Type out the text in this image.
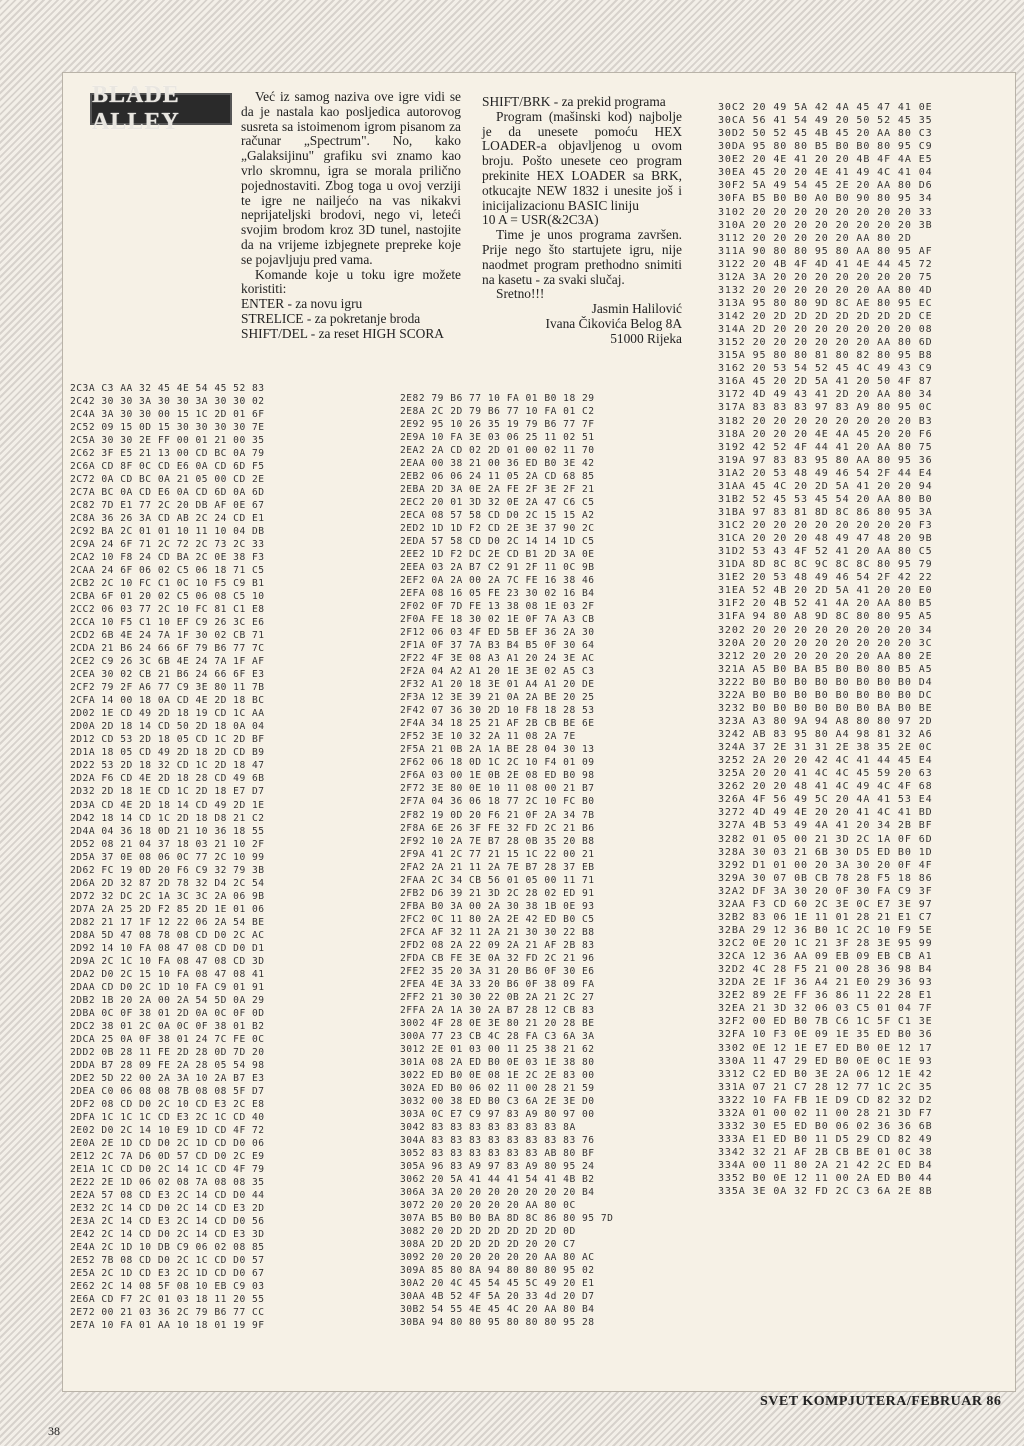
BLADE ALLEY

Već iz samog naziva ove igre vidi se da je nastala kao posljedica autorovog susreta sa istoimenom igrom pisanom za računar „Spectrum". No, kako „Galaksijinu" grafiku svi znamo kao vrlo skromnu, igra se morala prilično pojednostaviti. Zbog toga u ovoj verziji te igre ne nailjećo na vas nikakvi neprijateljski brodovi, nego vi, leteći svojim brodom kroz 3D tunel, nastojite da na vrijeme izbjegnete prepreke koje se pojavljuju pred vama.

Komande koje u toku igre možete koristiti:

ENTER - za novu igru

STRELICE - za pokretanje broda

SHIFT/DEL - za reset HIGH SCORA

SHIFT/BRK - za prekid programa

Program (mašinski kod) najbolje je da unesete pomoću HEX LOADER-a objavljenog u ovom broju. Pošto unesete ceo program prekinite HEX LOADER sa BRK, otkucajte NEW 1832 i unesite još i inicijalizacionu BASIC liniju

10 A = USR(&2C3A)

Time je unos programa završen. Prije nego što startujete igru, nije naodmet program prethodno snimiti na kasetu - za svaki slučaj.

Sretno!!!

Jasmin Halilović

Ivana Čikovića Belog 8A

51000 Rijeka

2C3A C3 AA 32 45 4E 54 45 52 83
2C42 30 30 3A 30 30 3A 30 30 02
2C4A 3A 30 30 00 15 1C 2D 01 6F
2C52 09 15 0D 15 30 30 30 30 7E
2C5A 30 30 2E FF 00 01 21 00 35
2C62 3F E5 21 13 00 CD BC 0A 79
2C6A CD 8F 0C CD E6 0A CD 6D F5
2C72 0A CD BC 0A 21 05 00 CD 2E
2C7A BC 0A CD E6 0A CD 6D 0A 6D
2C82 7D E1 77 2C 20 DB AF 0E 67
2C8A 36 26 3A CD AB 2C 24 CD E1
2C92 BA 2C 01 01 10 11 10 04 DB
2C9A 24 6F 71 2C 72 2C 73 2C 33
2CA2 10 F8 24 CD BA 2C 0E 38 F3
2CAA 24 6F 06 02 C5 06 18 71 C5
2CB2 2C 10 FC C1 0C 10 F5 C9 B1
2CBA 6F 01 20 02 C5 06 08 C5 10
2CC2 06 03 77 2C 10 FC 81 C1 E8
2CCA 10 F5 C1 10 EF C9 26 3C E6
2CD2 6B 4E 24 7A 1F 30 02 CB 71
2CDA 21 B6 24 66 6F 79 B6 77 7C
2CE2 C9 26 3C 6B 4E 24 7A 1F AF
2CEA 30 02 CB 21 B6 24 66 6F E3
2CF2 79 2F A6 77 C9 3E 80 11 7B
2CFA 14 00 18 0A CD 4E 2D 18 BC
2D02 1E CD 49 2D 18 19 CD 1C AA
2D0A 2D 18 14 CD 50 2D 18 0A 04
2D12 CD 53 2D 18 05 CD 1C 2D BF
2D1A 18 05 CD 49 2D 18 2D CD B9
2D22 53 2D 18 32 CD 1C 2D 18 47
2D2A F6 CD 4E 2D 18 28 CD 49 6B
2D32 2D 18 1E CD 1C 2D 18 E7 D7
2D3A CD 4E 2D 18 14 CD 49 2D 1E
2D42 18 14 CD 1C 2D 18 D8 21 C2
2D4A 04 36 18 0D 21 10 36 18 55
2D52 08 21 04 37 18 03 21 10 2F
2D5A 37 0E 08 06 0C 77 2C 10 99
2D62 FC 19 0D 20 F6 C9 32 79 3B
2D6A 2D 32 87 2D 78 32 D4 2C 54
2D72 32 DC 2C 1A 3C 3C 2A 06 9B
2D7A 2A 25 2D F2 85 2D 1E 01 06
2D82 21 17 1F 12 22 06 2A 54 BE
2D8A 5D 47 08 78 08 CD D0 2C AC
2D92 14 10 FA 08 47 08 CD D0 D1
2D9A 2C 1C 10 FA 08 47 08 CD 3D
2DA2 D0 2C 15 10 FA 08 47 08 41
2DAA CD D0 2C 1D 10 FA C9 01 91
2DB2 1B 20 2A 00 2A 54 5D 0A 29
2DBA 0C 0F 38 01 2D 0A 0C 0F 0D
2DC2 38 01 2C 0A 0C 0F 38 01 B2
2DCA 25 0A 0F 38 01 24 7C FE 0C
2DD2 0B 28 11 FE 2D 28 0D 7D 20
2DDA B7 28 09 FE 2A 28 05 54 98
2DE2 5D 22 00 2A 3A 10 2A B7 E3
2DEA C0 06 08 08 7B 08 08 5F D7
2DF2 08 CD D0 2C 10 CD E3 2C E8
2DFA 1C 1C 1C CD E3 2C 1C CD 40
2E02 D0 2C 14 10 E9 1D CD 4F 72
2E0A 2E 1D CD D0 2C 1D CD D0 06
2E12 2C 7A D6 0D 57 CD D0 2C E9
2E1A 1C CD D0 2C 14 1C CD 4F 79
2E22 2E 1D 06 02 08 7A 08 08 35
2E2A 57 08 CD E3 2C 14 CD D0 44
2E32 2C 14 CD D0 2C 14 CD E3 2D
2E3A 2C 14 CD E3 2C 14 CD D0 56
2E42 2C 14 CD D0 2C 14 CD E3 3D
2E4A 2C 1D 10 DB C9 06 02 08 85
2E52 7B 08 CD D0 2C 1C CD D0 57
2E5A 2C 1D CD E3 2C 1D CD D0 67
2E62 2C 14 08 5F 08 10 EB C9 03
2E6A CD F7 2C 01 03 18 11 20 55
2E72 00 21 03 36 2C 79 B6 77 CC
2E7A 10 FA 01 AA 10 18 01 19 9F
2E82 79 B6 77 10 FA 01 B0 18 29
2E8A 2C 2D 79 B6 77 10 FA 01 C2
2E92 95 10 26 35 19 79 B6 77 7F
2E9A 10 FA 3E 03 06 25 11 02 51
2EA2 2A CD 02 2D 01 00 02 11 70
2EAA 00 38 21 00 36 ED B0 3E 42
2EB2 06 06 24 11 05 2A CD 68 85
2EBA 2D 3A 0E 2A FE 2F 3E 2F 21
2EC2 20 01 3D 32 0E 2A 47 C6 C5
2ECA 08 57 58 CD D0 2C 15 15 A2
2ED2 1D 1D F2 CD 2E 3E 37 90 2C
2EDA 57 58 CD D0 2C 14 14 1D C5
2EE2 1D F2 DC 2E CD B1 2D 3A 0E
2EEA 03 2A B7 C2 91 2F 11 0C 9B
2EF2 0A 2A 00 2A 7C FE 16 38 46
2EFA 08 16 05 FE 23 30 02 16 B4
2F02 0F 7D FE 13 38 08 1E 03 2F
2F0A FE 18 30 02 1E 0F 7A A3 CB
2F12 06 03 4F ED 5B EF 36 2A 30
2F1A 0F 37 7A B3 B4 B5 0F 30 64
2F22 4F 3E 08 A3 A1 20 24 3E AC
2F2A 04 A2 A1 20 1E 3E 02 A5 C3
2F32 A1 20 18 3E 01 A4 A1 20 DE
2F3A 12 3E 39 21 0A 2A BE 20 25
2F42 07 36 30 2D 10 F8 18 28 53
2F4A 34 18 25 21 AF 2B CB BE 6E
2F52 3E 10 32 2A 11 08 2A 7E
2F5A 21 0B 2A 1A BE 28 04 30 13
2F62 06 18 0D 1C 2C 10 F4 01 09
2F6A 03 00 1E 0B 2E 08 ED B0 98
2F72 3E 80 0E 10 11 08 00 21 B7
2F7A 04 36 06 18 77 2C 10 FC B0
2F82 19 0D 20 F6 21 0F 2A 34 7B
2F8A 6E 26 3F FE 32 FD 2C 21 B6
2F92 10 2A 7E B7 28 0B 35 20 B8
2F9A 41 2C 77 21 15 1C 22 00 21
2FA2 2A 21 11 2A 7E B7 28 37 EB
2FAA 2C 34 CB 56 01 05 00 11 71
2FB2 D6 39 21 3D 2C 28 02 ED 91
2FBA B0 3A 00 2A 30 38 1B 0E 93
2FC2 0C 11 80 2A 2E 42 ED B0 C5
2FCA AF 32 11 2A 21 30 30 22 B8
2FD2 08 2A 22 09 2A 21 AF 2B 83
2FDA CB FE 3E 0A 32 FD 2C 21 96
2FE2 35 20 3A 31 20 B6 0F 30 E6
2FEA 4E 3A 33 20 B6 0F 38 09 FA
2FF2 21 30 30 22 0B 2A 21 2C 27
2FFA 2A 1A 30 2A B7 28 12 CB 83
3002 4F 28 0E 3E 80 21 20 28 BE
300A 77 23 CB 4C 28 FA C3 6A 3A
3012 2E 01 03 00 11 25 38 21 62
301A 08 2A ED B0 0E 03 1E 38 80
3022 ED B0 0E 08 1E 2C 2E 83 00
302A ED B0 06 02 11 00 28 21 59
3032 00 38 ED B0 C3 6A 2E 3E D0
303A 0C E7 C9 97 83 A9 80 97 00
3042 83 83 83 83 83 83 83 8A
304A 83 83 83 83 83 83 83 83 76
3052 83 83 83 83 83 83 AB 80 BF
305A 96 83 A9 97 83 A9 80 95 24
3062 20 5A 41 44 41 54 41 4B B2
306A 3A 20 20 20 20 20 20 20 B4
3072 20 20 20 20 20 AA 80 0C
307A B5 B0 B0 BA 8D 8C 86 80 95 7D
3082 20 2D 2D 2D 2D 2D 2D 0D
308A 2D 2D 2D 2D 2D 20 20 C7
3092 20 20 20 20 20 20 AA 80 AC
309A 85 80 8A 94 80 80 80 95 02
30A2 20 4C 45 54 45 5C 49 20 E1
30AA 4B 52 4F 5A 20 33 4d 20 D7
30B2 54 55 4E 45 4C 20 AA 80 B4
30BA 94 80 80 95 80 80 80 95 28
30C2 20 49 5A 42 4A 45 47 41 0E
30CA 56 41 54 49 20 50 52 45 35
30D2 50 52 45 4B 45 20 AA 80 C3
30DA 95 80 80 B5 B0 B0 80 95 C9
30E2 20 4E 41 20 20 4B 4F 4A E5
30EA 45 20 20 4E 41 49 4C 41 04
30F2 5A 49 54 45 2E 20 AA 80 D6
30FA B5 B0 B0 A0 B0 90 80 95 34
3102 20 20 20 20 20 20 20 20 33
310A 20 20 20 20 20 20 20 20 3B
3112 20 20 20 20 20 AA 80 2D
311A 90 80 80 95 80 AA 80 95 AF
3122 20 4B 4F 4D 41 4E 44 45 72
312A 3A 20 20 20 20 20 20 20 75
3132 20 20 20 20 20 20 AA 80 4D
313A 95 80 80 9D 8C AE 80 95 EC
3142 20 2D 2D 2D 2D 2D 2D 2D CE
314A 2D 20 20 20 20 20 20 20 08
3152 20 20 20 20 20 20 AA 80 6D
315A 95 80 80 81 80 82 80 95 B8
3162 20 53 54 52 45 4C 49 43 C9
316A 45 20 2D 5A 41 20 50 4F 87
3172 4D 49 43 41 2D 20 AA 80 34
317A 83 83 83 97 83 A9 80 95 0C
3182 20 20 20 20 20 20 20 20 B3
318A 20 20 20 4E 4A 45 20 20 F6
3192 42 52 4F 44 41 20 AA 80 75
319A 97 83 83 95 80 AA 80 95 36
31A2 20 53 48 49 46 54 2F 44 E4
31AA 45 4C 20 2D 5A 41 20 20 94
31B2 52 45 53 45 54 20 AA 80 B0
31BA 97 83 81 8D 8C 86 80 95 3A
31C2 20 20 20 20 20 20 20 20 F3
31CA 20 20 20 48 49 47 48 20 9B
31D2 53 43 4F 52 41 20 AA 80 C5
31DA 8D 8C 8C 9C 8C 8C 80 95 79
31E2 20 53 48 49 46 54 2F 42 22
31EA 52 4B 20 2D 5A 41 20 20 E0
31F2 20 4B 52 41 4A 20 AA 80 B5
31FA 94 80 A8 9D 8C 80 80 95 A5
3202 20 20 20 20 20 20 20 20 34
320A 20 20 20 20 20 20 20 20 3C
3212 20 20 20 20 20 20 AA 80 2E
321A A5 B0 BA B5 B0 B0 80 B5 A5
3222 B0 B0 B0 B0 B0 B0 B0 B0 D4
322A B0 B0 B0 B0 B0 B0 B0 B0 DC
3232 B0 B0 B0 B0 B0 B0 BA B0 BE
323A A3 80 9A 94 A8 80 80 97 2D
3242 AB 83 95 80 A4 98 81 32 A6
324A 37 2E 31 31 2E 38 35 2E 0C
3252 2A 20 20 42 4C 41 44 45 E4
325A 20 20 41 4C 4C 45 59 20 63
3262 20 20 48 41 4C 49 4C 4F 68
326A 4F 56 49 5C 20 4A 41 53 E4
3272 4D 49 4E 20 20 41 4C 41 BD
327A 4B 53 49 4A 41 20 34 2B BF
3282 01 05 00 21 3D 2C 1A 0F 6D
328A 30 03 21 6B 30 D5 ED B0 1D
3292 D1 01 00 20 3A 30 20 0F 4F
329A 30 07 0B CB 78 28 F5 18 86
32A2 DF 3A 30 20 0F 30 FA C9 3F
32AA F3 CD 60 2C 3E 0C E7 3E 97
32B2 83 06 1E 11 01 28 21 E1 C7
32BA 29 12 36 B0 1C 2C 10 F9 5E
32C2 0E 20 1C 21 3F 28 3E 95 99
32CA 12 36 AA 09 EB 09 EB CB A1
32D2 4C 28 F5 21 00 28 36 98 B4
32DA 2E 1F 36 A4 21 E0 29 36 93
32E2 89 2E FF 36 86 11 22 28 E1
32EA 21 3D 32 06 03 C5 01 04 7F
32F2 00 ED B0 7B C6 1C 5F C1 3E
32FA 10 F3 0E 09 1E 35 ED B0 36
3302 0E 12 1E E7 ED B0 0E 12 17
330A 11 47 29 ED B0 0E 0C 1E 93
3312 C2 ED B0 3E 2A 06 12 1E 42
331A 07 21 C7 28 12 77 1C 2C 35
3322 10 FA FB 1E D9 CD 82 32 D2
332A 01 00 02 11 00 28 21 3D F7
3332 30 E5 ED B0 06 02 36 36 6B
333A E1 ED B0 11 D5 29 CD 82 49
3342 32 21 AF 2B CB BE 01 0C 38
334A 00 11 80 2A 21 42 2C ED B4
3352 B0 0E 12 11 00 2A ED B0 44
335A 3E 0A 32 FD 2C C3 6A 2E 8B
38
SVET KOMPJUTERA/FEBRUAR 86
